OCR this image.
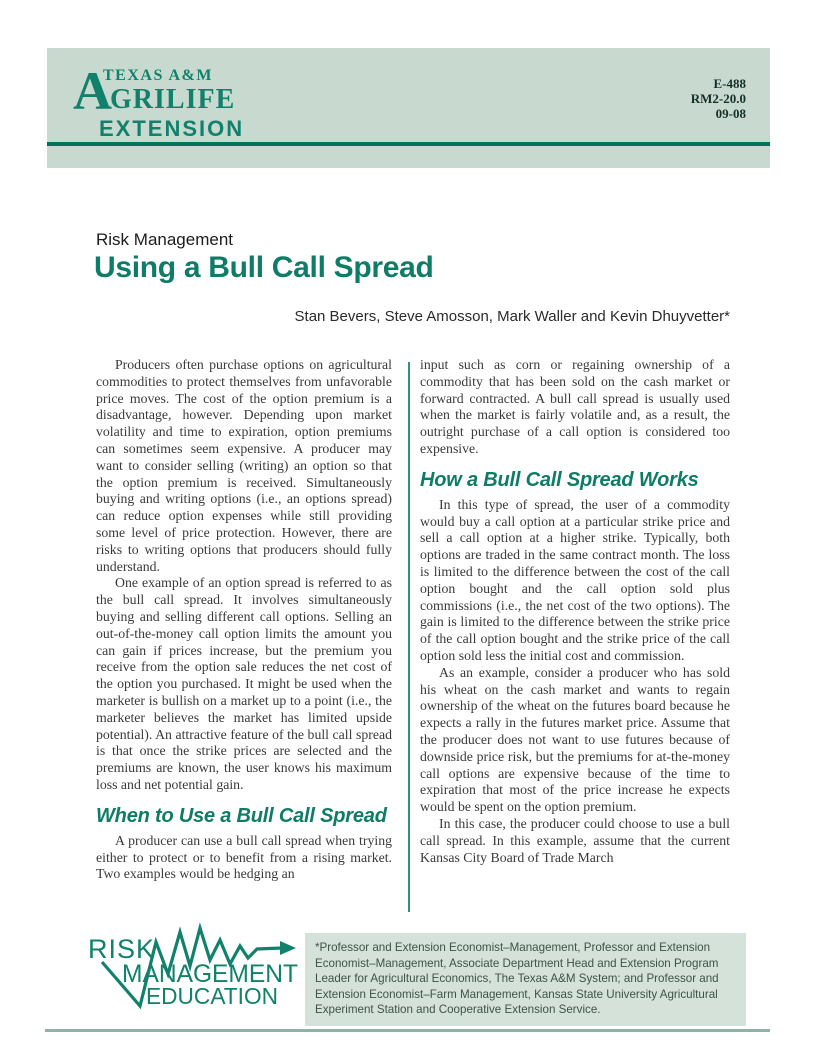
A
TEXAS A&M
GRILIFE
EXTENSION
E-488
RM2-20.0
09-08
Risk Management
Using a Bull Call Spread
Stan Bevers, Steve Amosson, Mark Waller and Kevin Dhuyvetter*

Producers often purchase options on agricultural commodities to protect themselves from unfavorable price moves. The cost of the option premium is a disadvantage, however. Depending upon market volatility and time to expiration, option premiums can sometimes seem expensive. A producer may want to consider selling (writing) an option so that the option premium is received. Simultaneously buying and writing options (i.e., an options spread) can reduce option expenses while still providing some level of price protection. However, there are risks to writing options that producers should fully understand.

One example of an option spread is referred to as the bull call spread. It involves simultaneously buying and selling different call options. Selling an out-of-the-money call option limits the amount you can gain if prices increase, but the premium you receive from the option sale reduces the net cost of the option you purchased. It might be used when the marketer is bullish on a market up to a point (i.e., the marketer believes the market has limited upside potential). An attractive feature of the bull call spread is that once the strike prices are selected and the premiums are known, the user knows his maximum loss and net potential gain.

When to Use a Bull Call Spread

A producer can use a bull call spread when trying either to protect or to benefit from a rising market. Two examples would be hedging an

input such as corn or regaining ownership of a commodity that has been sold on the cash market or forward contracted. A bull call spread is usually used when the market is fairly volatile and, as a result, the outright purchase of a call option is considered too expensive.

How a Bull Call Spread Works

In this type of spread, the user of a commodity would buy a call option at a particular strike price and sell a call option at a higher strike. Typically, both options are traded in the same contract month. The loss is limited to the difference between the cost of the call option bought and the call option sold plus commissions (i.e., the net cost of the two options). The gain is limited to the difference between the strike price of the call option bought and the strike price of the call option sold less the initial cost and commission.

As an example, consider a producer who has sold his wheat on the cash market and wants to regain ownership of the wheat on the futures board because he expects a rally in the futures market price. Assume that the producer does not want to use futures because of downside price risk, but the premiums for at-the-money call options are expensive because of the time to expiration that most of the price increase he expects would be spent on the option premium.

In this case, the producer could choose to use a bull call spread. In this example, assume that the current Kansas City Board of Trade March

RISK
MANAGEMENT
EDUCATION
*Professor and Extension Economist–Management, Professor and Extension Economist–Management, Associate Department Head and Extension Program Leader for Agricultural Economics, The Texas A&M System; and Professor and Extension Economist–Farm Management, Kansas State University Agricultural Experiment Station and Cooperative Extension Service.
